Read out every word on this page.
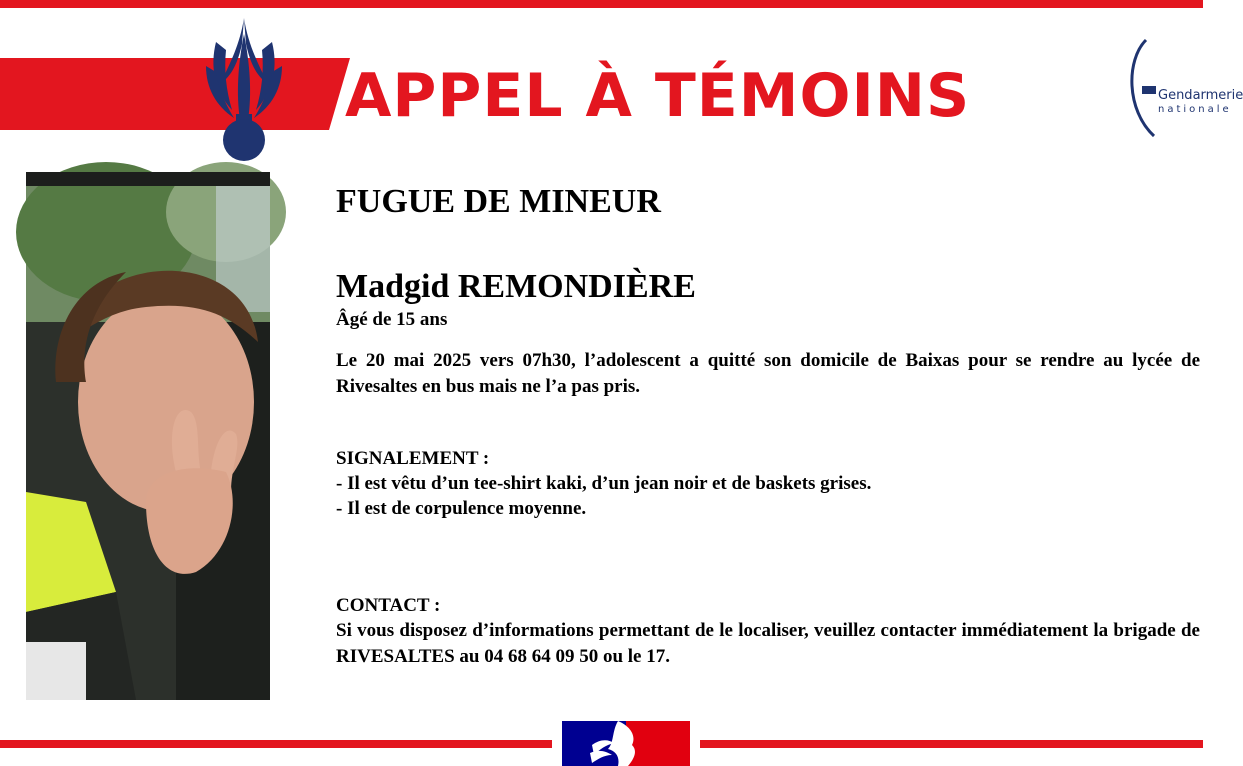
APPEL À TÉMOINS	Gendarmerie
nationale

FUGUE DE MINEUR

Madgid REMONDIÈRE

Âgé de 15 ans

Le 20 mai 2025 vers 07h30, l’adolescent a quitté son domicile de Baixas pour se rendre au lycée de Rivesaltes en bus mais ne l’a pas pris.

SIGNALEMENT :

- Il est vêtu d’un tee-shirt kaki, d’un jean noir et de baskets grises.

- Il est de corpulence moyenne.

CONTACT :

Si vous disposez d’informations permettant de le localiser, veuillez contacter immédiatement la brigade de RIVESALTES au 04 68 64 09 50 ou le 17.
